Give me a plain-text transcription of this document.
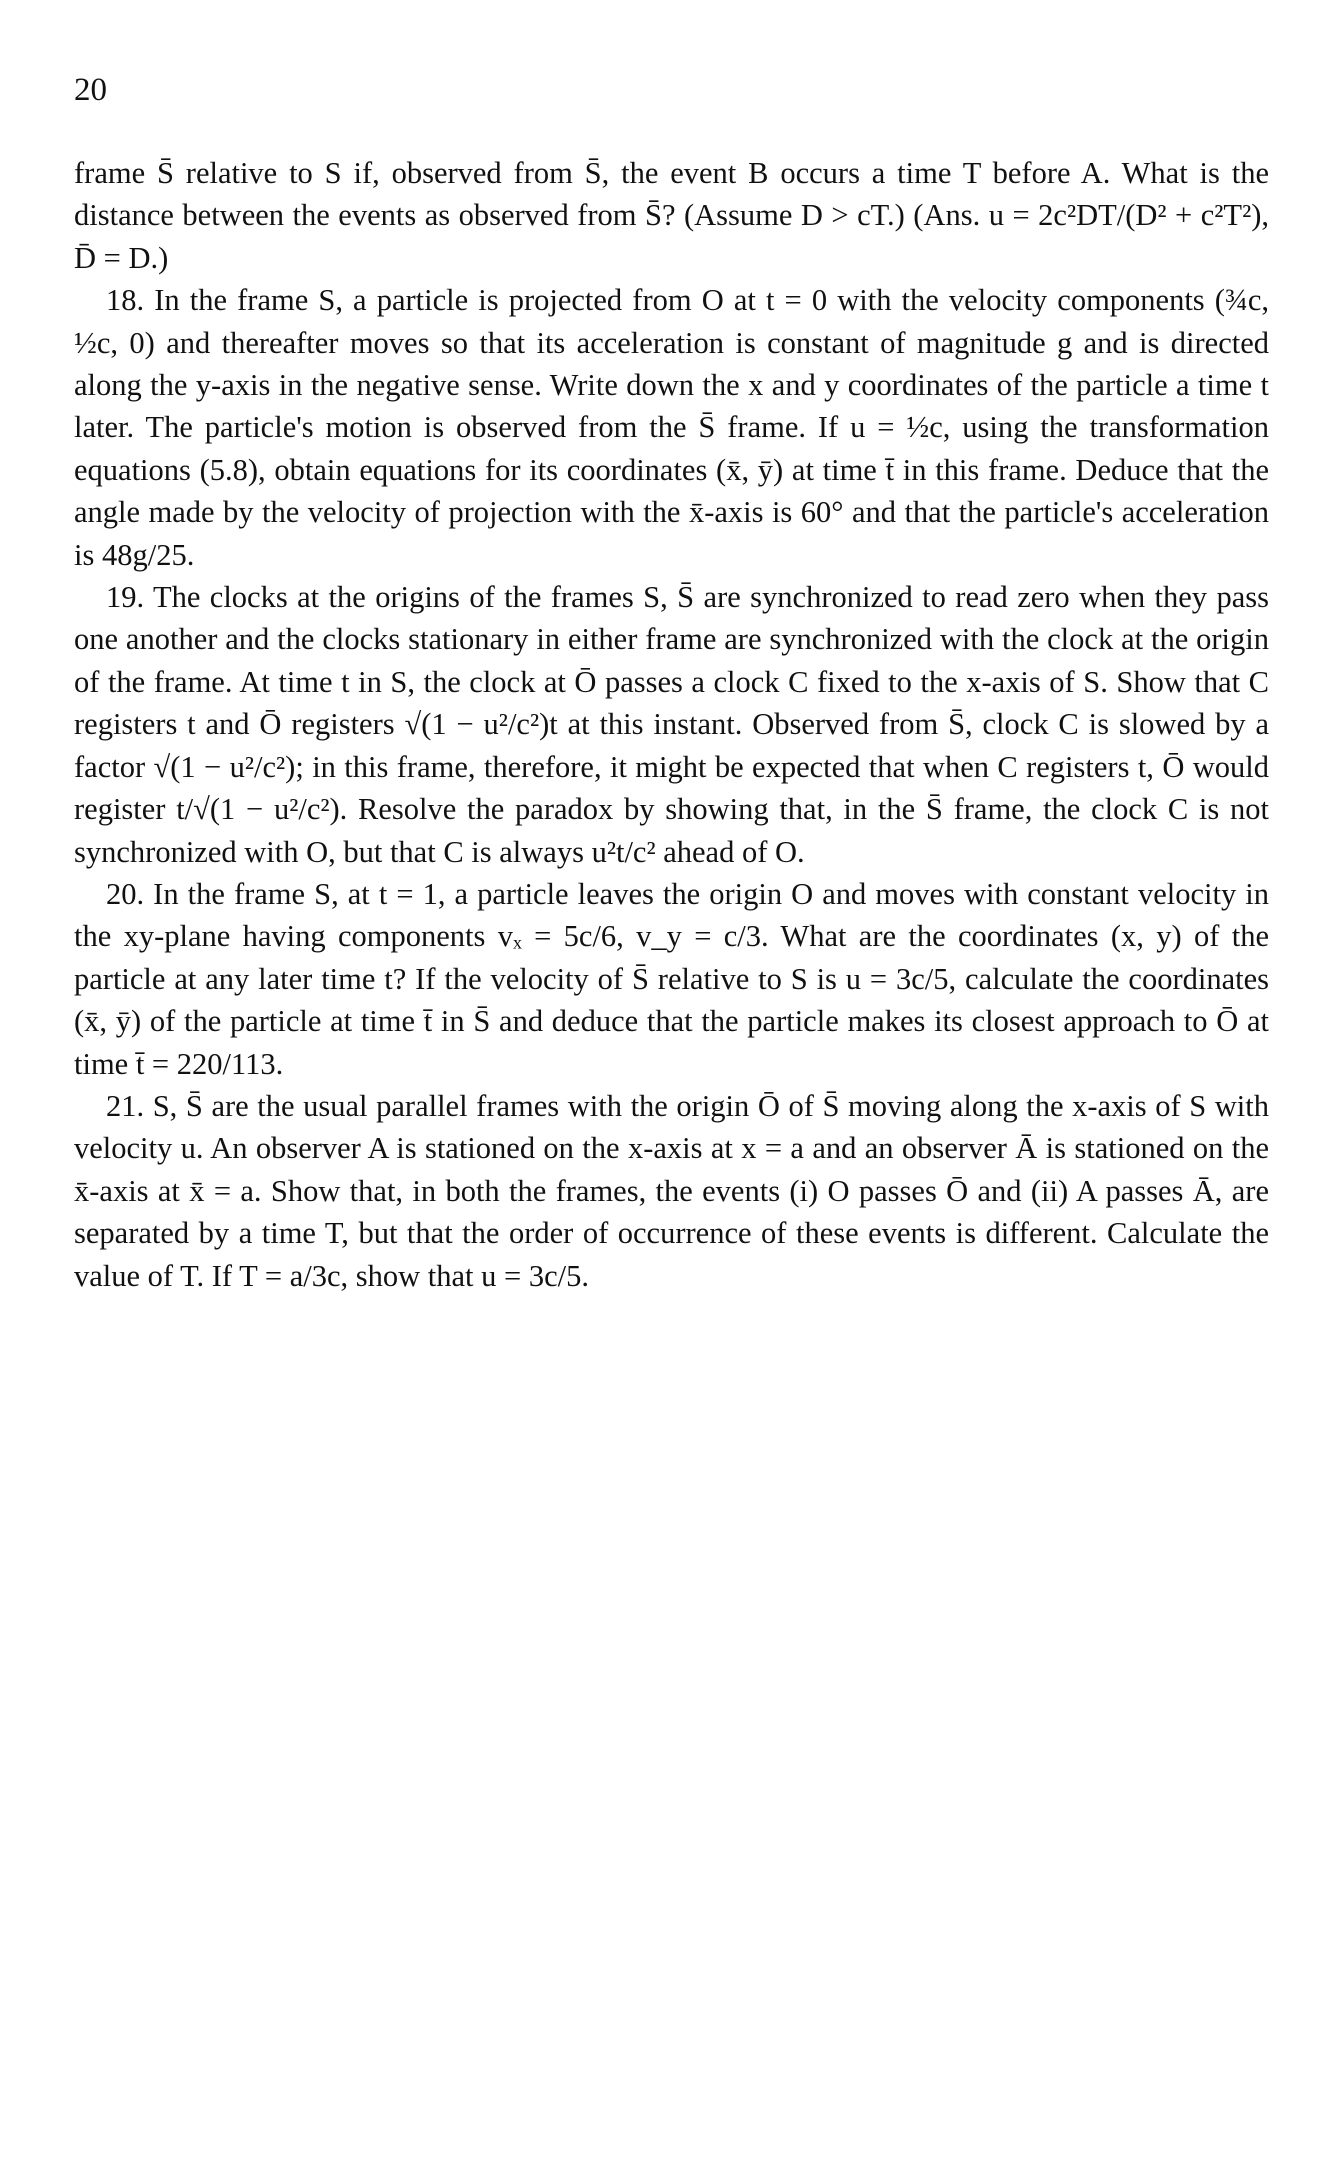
20

frame S̄ relative to S if, observed from S̄, the event B occurs a time T before A. What is the distance between the events as observed from S̄? (Assume D > cT.) (Ans. u = 2c²DT/(D² + c²T²), D̄ = D.)

18. In the frame S, a particle is projected from O at t = 0 with the velocity components (¾c, ½c, 0) and thereafter moves so that its acceleration is constant of magnitude g and is directed along the y-axis in the negative sense. Write down the x and y coordinates of the particle a time t later. The particle's motion is observed from the S̄ frame. If u = ½c, using the transformation equations (5.8), obtain equations for its coordinates (x̄, ȳ) at time t̄ in this frame. Deduce that the angle made by the velocity of projection with the x̄-axis is 60° and that the particle's acceleration is 48g/25.

19. The clocks at the origins of the frames S, S̄ are synchronized to read zero when they pass one another and the clocks stationary in either frame are synchronized with the clock at the origin of the frame. At time t in S, the clock at Ō passes a clock C fixed to the x-axis of S. Show that C registers t and Ō registers √(1 − u²/c²)t at this instant. Observed from S̄, clock C is slowed by a factor √(1 − u²/c²); in this frame, therefore, it might be expected that when C registers t, Ō would register t/√(1 − u²/c²). Resolve the paradox by showing that, in the S̄ frame, the clock C is not synchronized with O, but that C is always u²t/c² ahead of O.

20. In the frame S, at t = 1, a particle leaves the origin O and moves with constant velocity in the xy-plane having components vₓ = 5c/6, v_y = c/3. What are the coordinates (x, y) of the particle at any later time t? If the velocity of S̄ relative to S is u = 3c/5, calculate the coordinates (x̄, ȳ) of the particle at time t̄ in S̄ and deduce that the particle makes its closest approach to Ō at time t̄ = 220/113.

21. S, S̄ are the usual parallel frames with the origin Ō of S̄ moving along the x-axis of S with velocity u. An observer A is stationed on the x-axis at x = a and an observer Ā is stationed on the x̄-axis at x̄ = a. Show that, in both the frames, the events (i) O passes Ō and (ii) A passes Ā, are separated by a time T, but that the order of occurrence of these events is different. Calculate the value of T. If T = a/3c, show that u = 3c/5.
